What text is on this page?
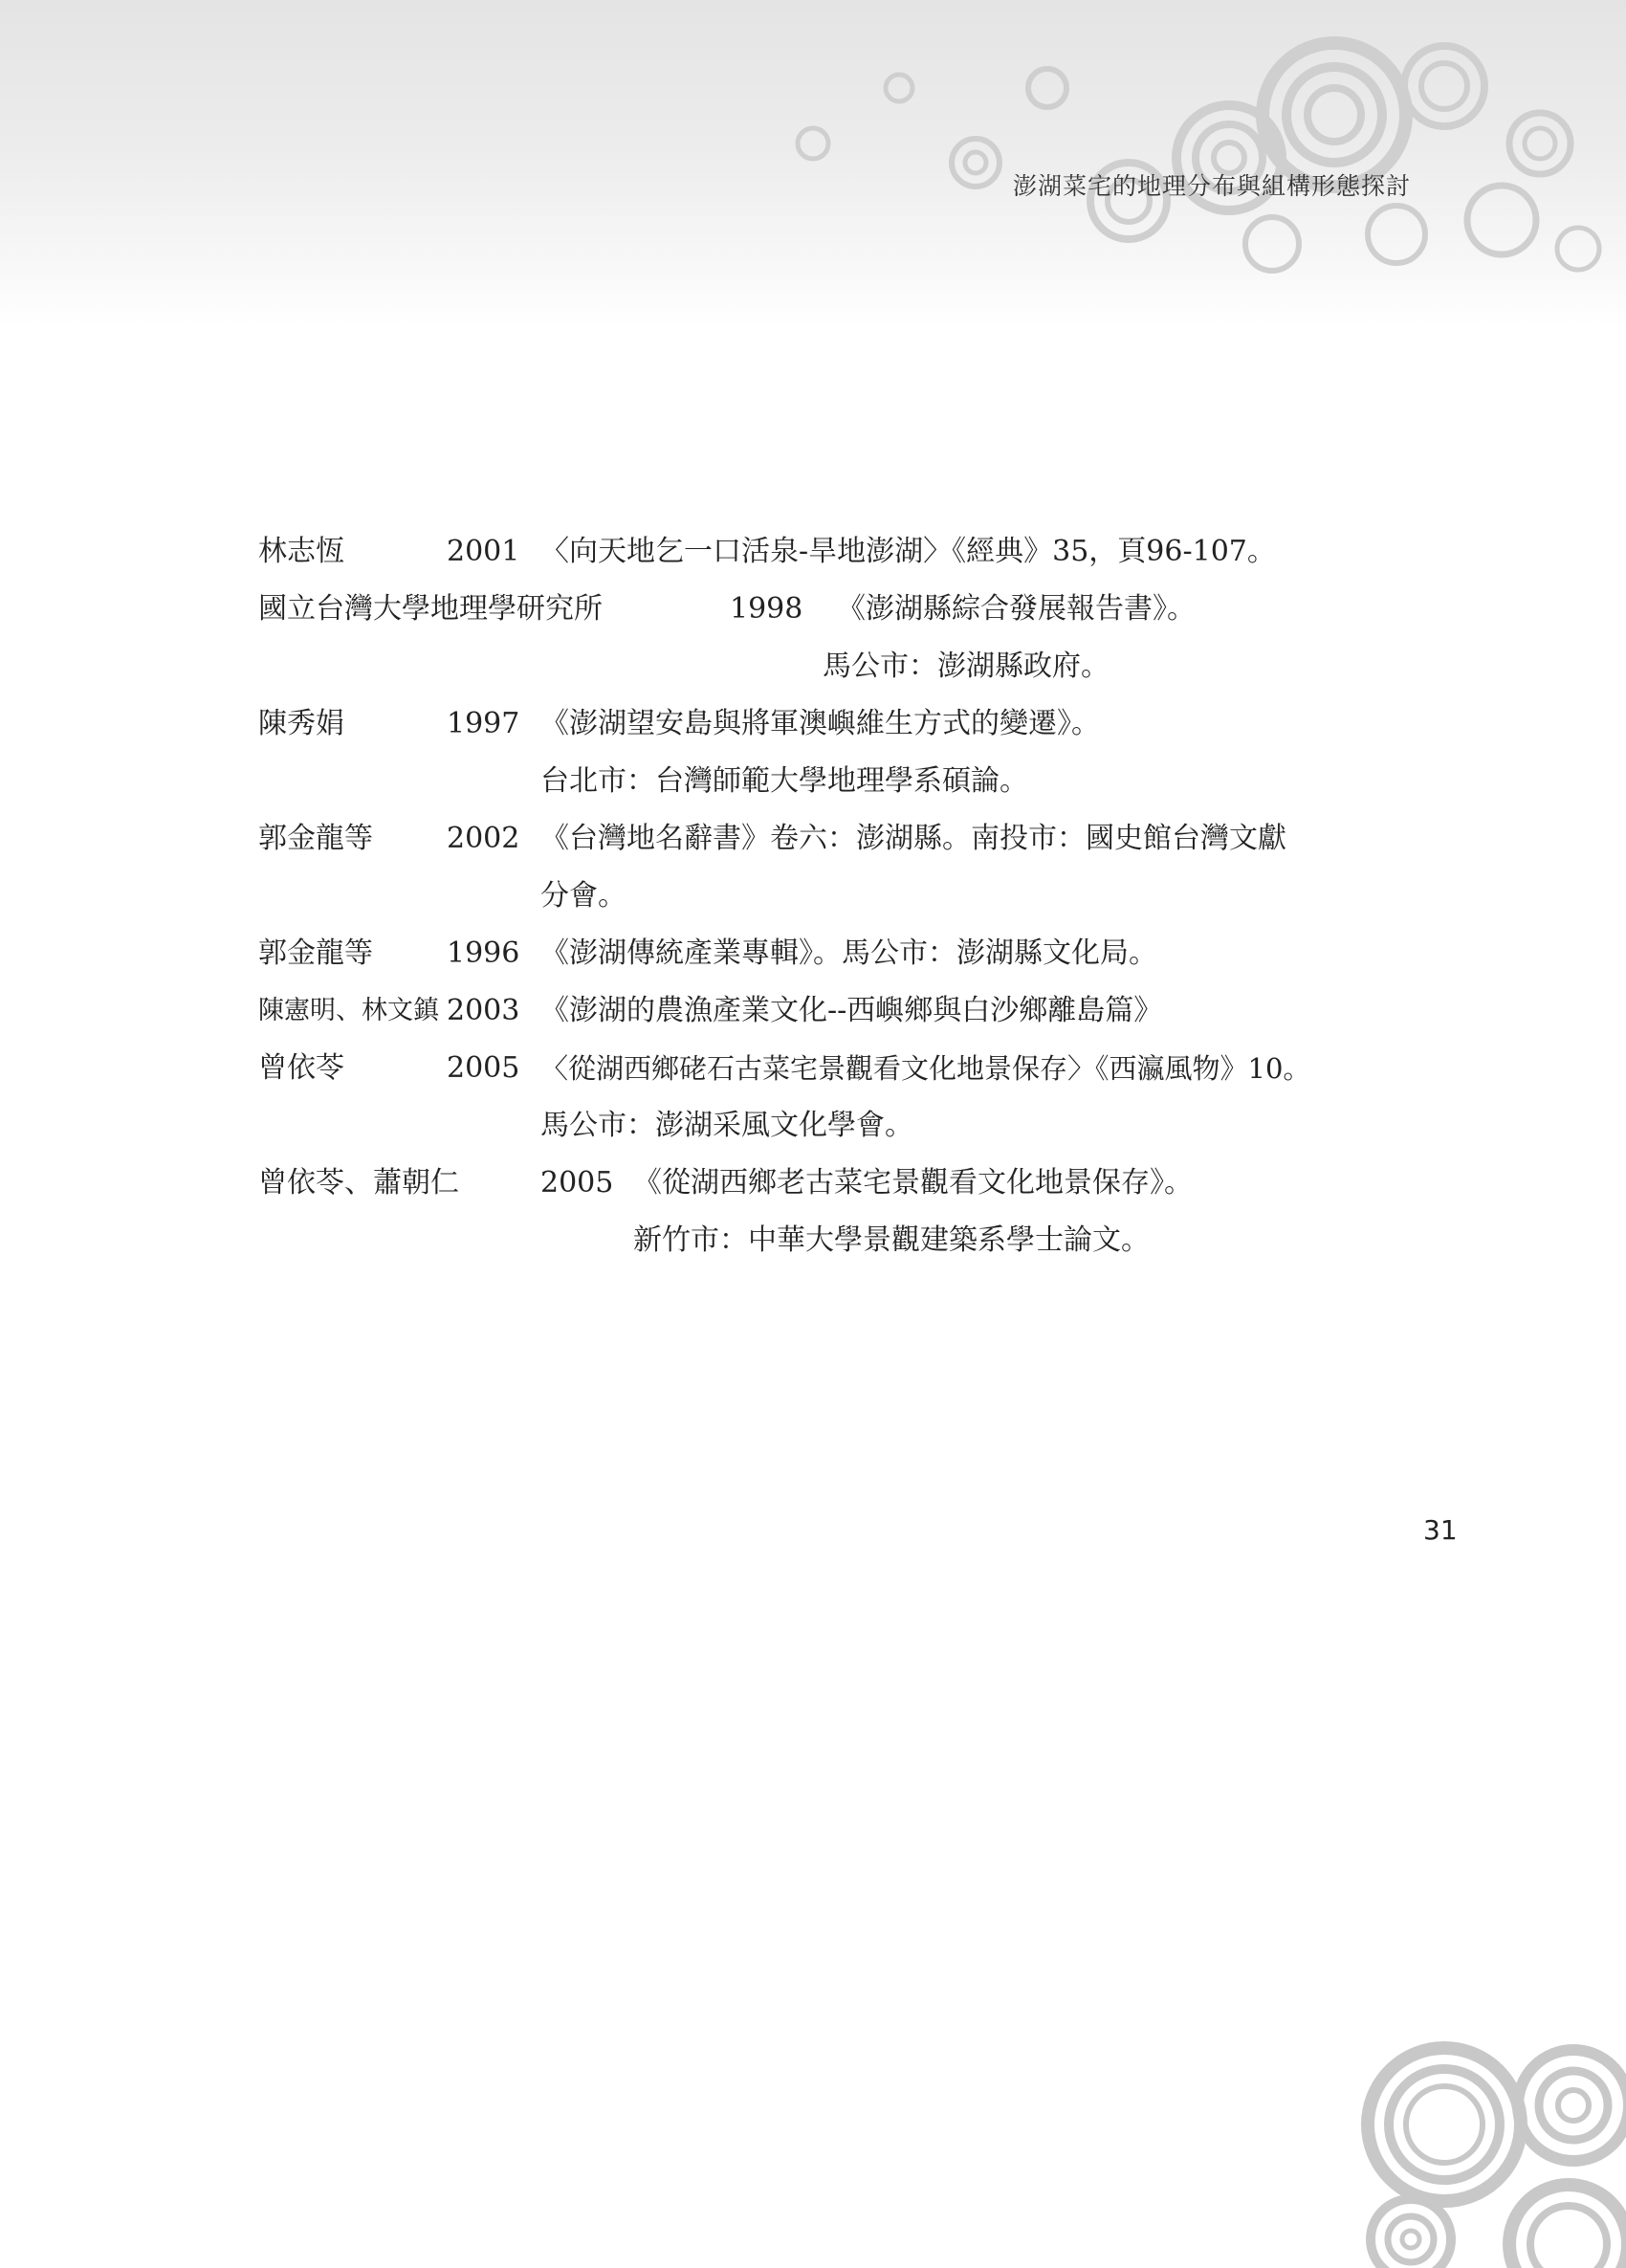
澎湖菜宅的地理分布與組構形態探討
林志恆	2001 〈向天地乞一口活泉-旱地澎湖〉《經典》35，頁96-107。
國立台灣大學地理學研究所	1998 《澎湖縣綜合發展報告書》。
馬公市：澎湖縣政府。
陳秀娟	1997 《澎湖望安島與將軍澳嶼維生方式的變遷》。
台北市：台灣師範大學地理學系碩論。
郭金龍等	2002 《台灣地名辭書》卷六：澎湖縣。南投市：國史館台灣文獻
分會。
郭金龍等	1996 《澎湖傳統產業專輯》。馬公市：澎湖縣文化局。
陳憲明、林文鎮 2003 《澎湖的農漁產業文化--西嶼鄉與白沙鄉離島篇》
曾依苓	2005 〈從湖西鄉硓石古菜宅景觀看文化地景保存〉《西瀛風物》10。
馬公市：澎湖采風文化學會。
曾依苓、蕭朝仁	2005 《從湖西鄉老古菜宅景觀看文化地景保存》。
新竹市：中華大學景觀建築系學士論文。
31
